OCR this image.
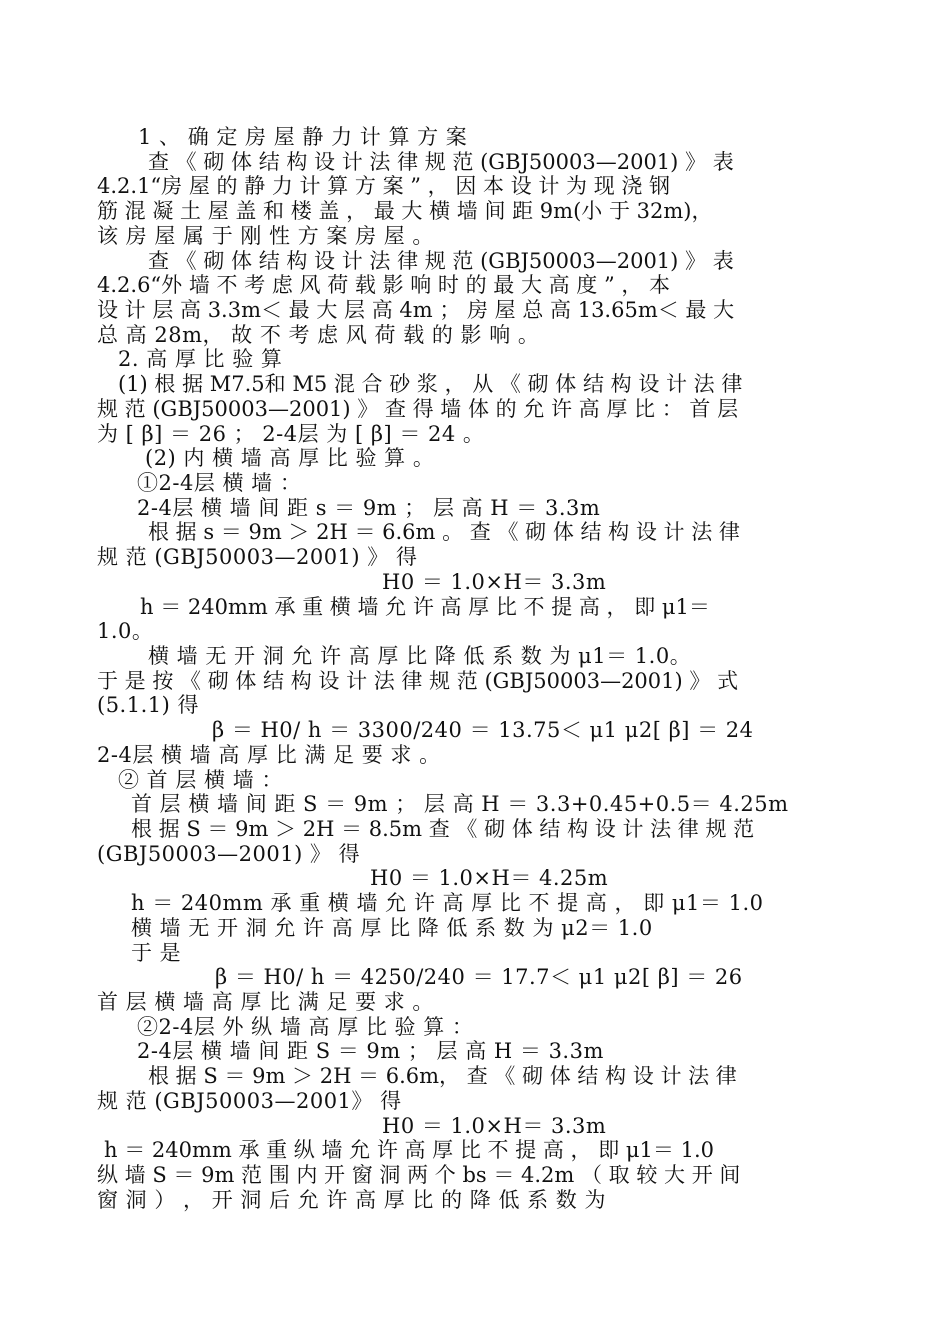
1 、 确 定 房 屋 静 力 计 算 方 案
查 《 砌 体 结 构 设 计 法 律 规 范 (GBJ50003—2001) 》 表
4.2.1“房 屋 的 静 力 计 算 方 案 ” ， 因 本 设 计 为 现 浇 钢
筋 混 凝 土 屋 盖 和 楼 盖 ， 最 大 横 墙 间 距 9m(小 于 32m)，
该 房 屋 属 于 刚 性 方 案 房 屋 。
查 《 砌 体 结 构 设 计 法 律 规 范 (GBJ50003—2001) 》 表
4.2.6“外 墙 不 考 虑 风 荷 载 影 响 时 的 最 大 高 度 ” ， 本
设 计 层 高 3.3m＜ 最 大 层 高 4m ； 房 屋 总 高 13.65m＜ 最 大
总 高 28m， 故 不 考 虑 风 荷 载 的 影 响 。
2. 高 厚 比 验 算
(1) 根 据 M7.5和 M5 混 合 砂 浆 ， 从 《 砌 体 结 构 设 计 法 律
规 范 (GBJ50003—2001) 》 查 得 墙 体 的 允 许 高 厚 比 ： 首 层
为 [ β] ＝ 26 ； 2-4层 为 [ β] ＝ 24 。
(2) 内 横 墙 高 厚 比 验 算 。
①2-4层 横 墙 ：
2-4层 横 墙 间 距 s ＝ 9m ； 层 高 H ＝ 3.3m
根 据 s ＝ 9m ＞ 2H ＝ 6.6m 。 查 《 砌 体 结 构 设 计 法 律
规 范 (GBJ50003—2001) 》 得
H0 ＝ 1.0×H＝ 3.3m
h ＝ 240mm 承 重 横 墙 允 许 高 厚 比 不 提 高 ， 即 μ1＝
1.0。
横 墙 无 开 洞 允 许 高 厚 比 降 低 系 数 为 μ1＝ 1.0。
于 是 按 《 砌 体 结 构 设 计 法 律 规 范 (GBJ50003—2001) 》 式
(5.1.1) 得
β ＝ H0/ h ＝ 3300/240 ＝ 13.75＜ μ1 μ2[ β] ＝ 24
2-4层 横 墙 高 厚 比 满 足 要 求 。
② 首 层 横 墙 ：
首 层 横 墙 间 距 S ＝ 9m ； 层 高 H ＝ 3.3+0.45+0.5＝ 4.25m
根 据 S ＝ 9m ＞ 2H ＝ 8.5m 查 《 砌 体 结 构 设 计 法 律 规 范
(GBJ50003—2001) 》 得
H0 ＝ 1.0×H＝ 4.25m
h ＝ 240mm 承 重 横 墙 允 许 高 厚 比 不 提 高 ， 即 μ1＝ 1.0
横 墙 无 开 洞 允 许 高 厚 比 降 低 系 数 为 μ2＝ 1.0
于 是
β ＝ H0/ h ＝ 4250/240 ＝ 17.7＜ μ1 μ2[ β] ＝ 26
首 层 横 墙 高 厚 比 满 足 要 求 。
②2-4层 外 纵 墙 高 厚 比 验 算 ：
2-4层 横 墙 间 距 S ＝ 9m ； 层 高 H ＝ 3.3m
根 据 S ＝ 9m ＞ 2H ＝ 6.6m， 查 《 砌 体 结 构 设 计 法 律
规 范 (GBJ50003—2001》 得
H0 ＝ 1.0×H＝ 3.3m
h ＝ 240mm 承 重 纵 墙 允 许 高 厚 比 不 提 高 ， 即 μ1＝ 1.0
纵 墙 S ＝ 9m 范 围 内 开 窗 洞 两 个 bs ＝ 4.2m （ 取 较 大 开 间
窗 洞 ） ， 开 洞 后 允 许 高 厚 比 的 降 低 系 数 为
